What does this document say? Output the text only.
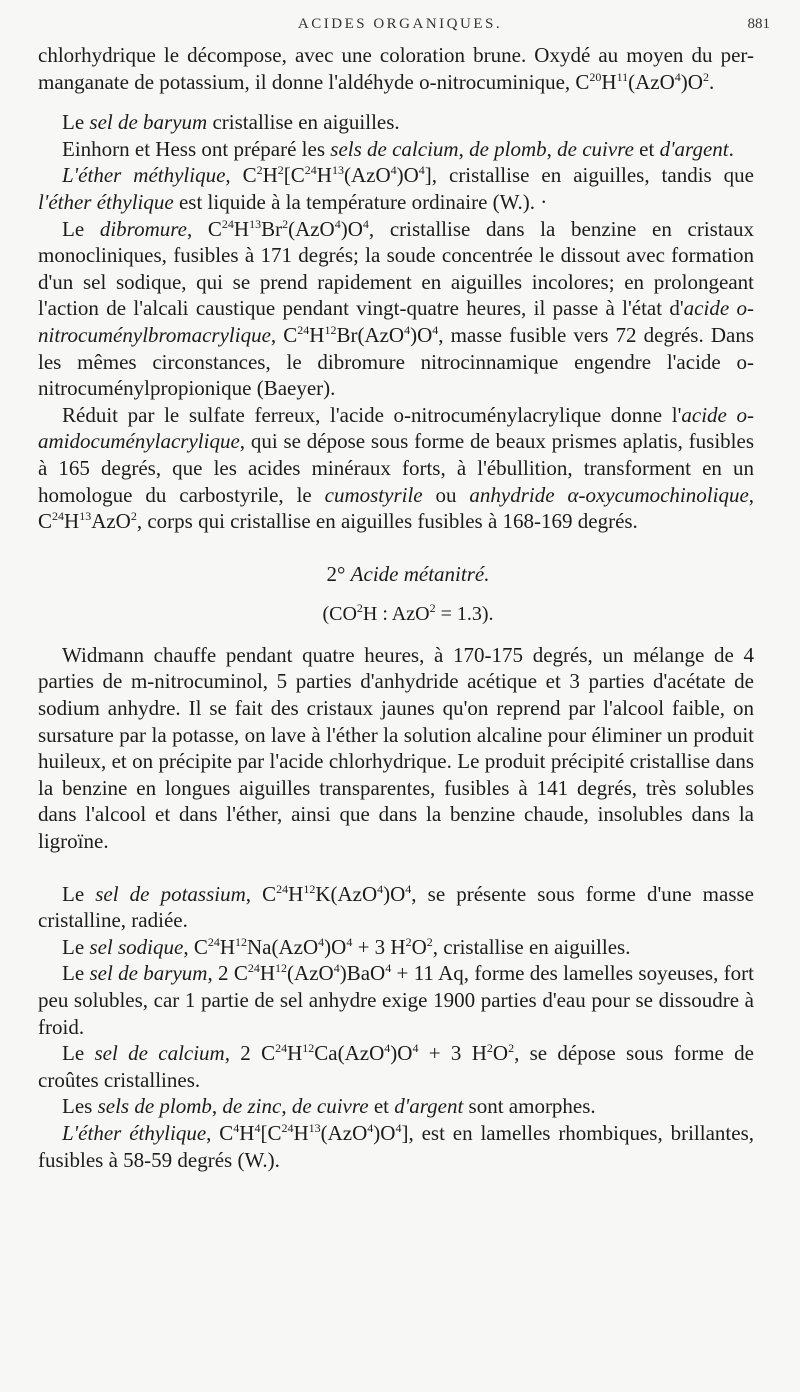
ACIDES ORGANIQUES.	881

chlorhydrique le décompose, avec une coloration brune. Oxydé au moyen du per-manganate de potassium, il donne l'aldéhyde o-nitrocuminique, $C^{20}H^{11}(AzO^4)O^2$.

Le sel de baryum cristallise en aiguilles.

Einhorn et Hess ont préparé les sels de calcium, de plomb, de cuivre et d'argent.

L'éther méthylique, $C^2H^2[C^{24}H^{13}(AzO^4)O^4]$, cristallise en aiguilles, tandis que l'éther éthylique est liquide à la température ordinaire (W.). ·

Le dibromure, $C^{24}H^{13}Br^2(AzO^4)O^4$, cristallise dans la benzine en cristaux monocliniques, fusibles à 171 degrés; la soude concentrée le dissout avec formation d'un sel sodique, qui se prend rapidement en aiguilles incolores; en prolongeant l'action de l'alcali caustique pendant vingt-quatre heures, il passe à l'état d'acide o-nitrocuménylbromacrylique, $C^{24}H^{12}Br(AzO^4)O^4$, masse fusible vers 72 degrés. Dans les mêmes circonstances, le dibromure nitrocinnamique engendre l'acide o-nitrocuménylpropionique (Baeyer).

Réduit par le sulfate ferreux, l'acide o-nitrocuménylacrylique donne l'acide o-amidocuménylacrylique, qui se dépose sous forme de beaux prismes aplatis, fusibles à 165 degrés, que les acides minéraux forts, à l'ébullition, transforment en un homologue du carbostyrile, le cumostyrile ou anhydride α-oxycumochinolique, $C^{24}H^{13}AzO^2$, corps qui cristallise en aiguilles fusibles à 168-169 degrés.

2° Acide métanitré.

($CO^2H$ : AzO$^2$ = 1.3).

Widmann chauffe pendant quatre heures, à 170-175 degrés, un mélange de 4 parties de m-nitrocuminol, 5 parties d'anhydride acétique et 3 parties d'acétate de sodium anhydre. Il se fait des cristaux jaunes qu'on reprend par l'alcool faible, on sursature par la potasse, on lave à l'éther la solution alcaline pour éliminer un produit huileux, et on précipite par l'acide chlorhydrique. Le produit précipité cristallise dans la benzine en longues aiguilles transparentes, fusibles à 141 degrés, très solubles dans l'alcool et dans l'éther, ainsi que dans la benzine chaude, insolubles dans la ligroïne.

Le sel de potassium, $C^{24}H^{12}K(AzO^4)O^4$, se présente sous forme d'une masse cristalline, radiée.

Le sel sodique, $C^{24}H^{12}Na(AzO^4)O^4 + 3$ $H^2O^2$, cristallise en aiguilles.

Le sel de baryum, 2 $C^{24}H^{12}(AzO^4)BaO^4 + 11$ Aq, forme des lamelles soyeuses, fort peu solubles, car 1 partie de sel anhydre exige 1900 parties d'eau pour se dissoudre à froid.

Le sel de calcium, 2 $C^{24}H^{12}Ca(AzO^4)O^4 + 3$ $H^2O^2$, se dépose sous forme de croûtes cristallines.

Les sels de plomb, de zinc, de cuivre et d'argent sont amorphes.

L'éther éthylique, $C^4H^4[C^{24}H^{13}(AzO^4)O^4]$, est en lamelles rhombiques, brillantes, fusibles à 58-59 degrés (W.).
